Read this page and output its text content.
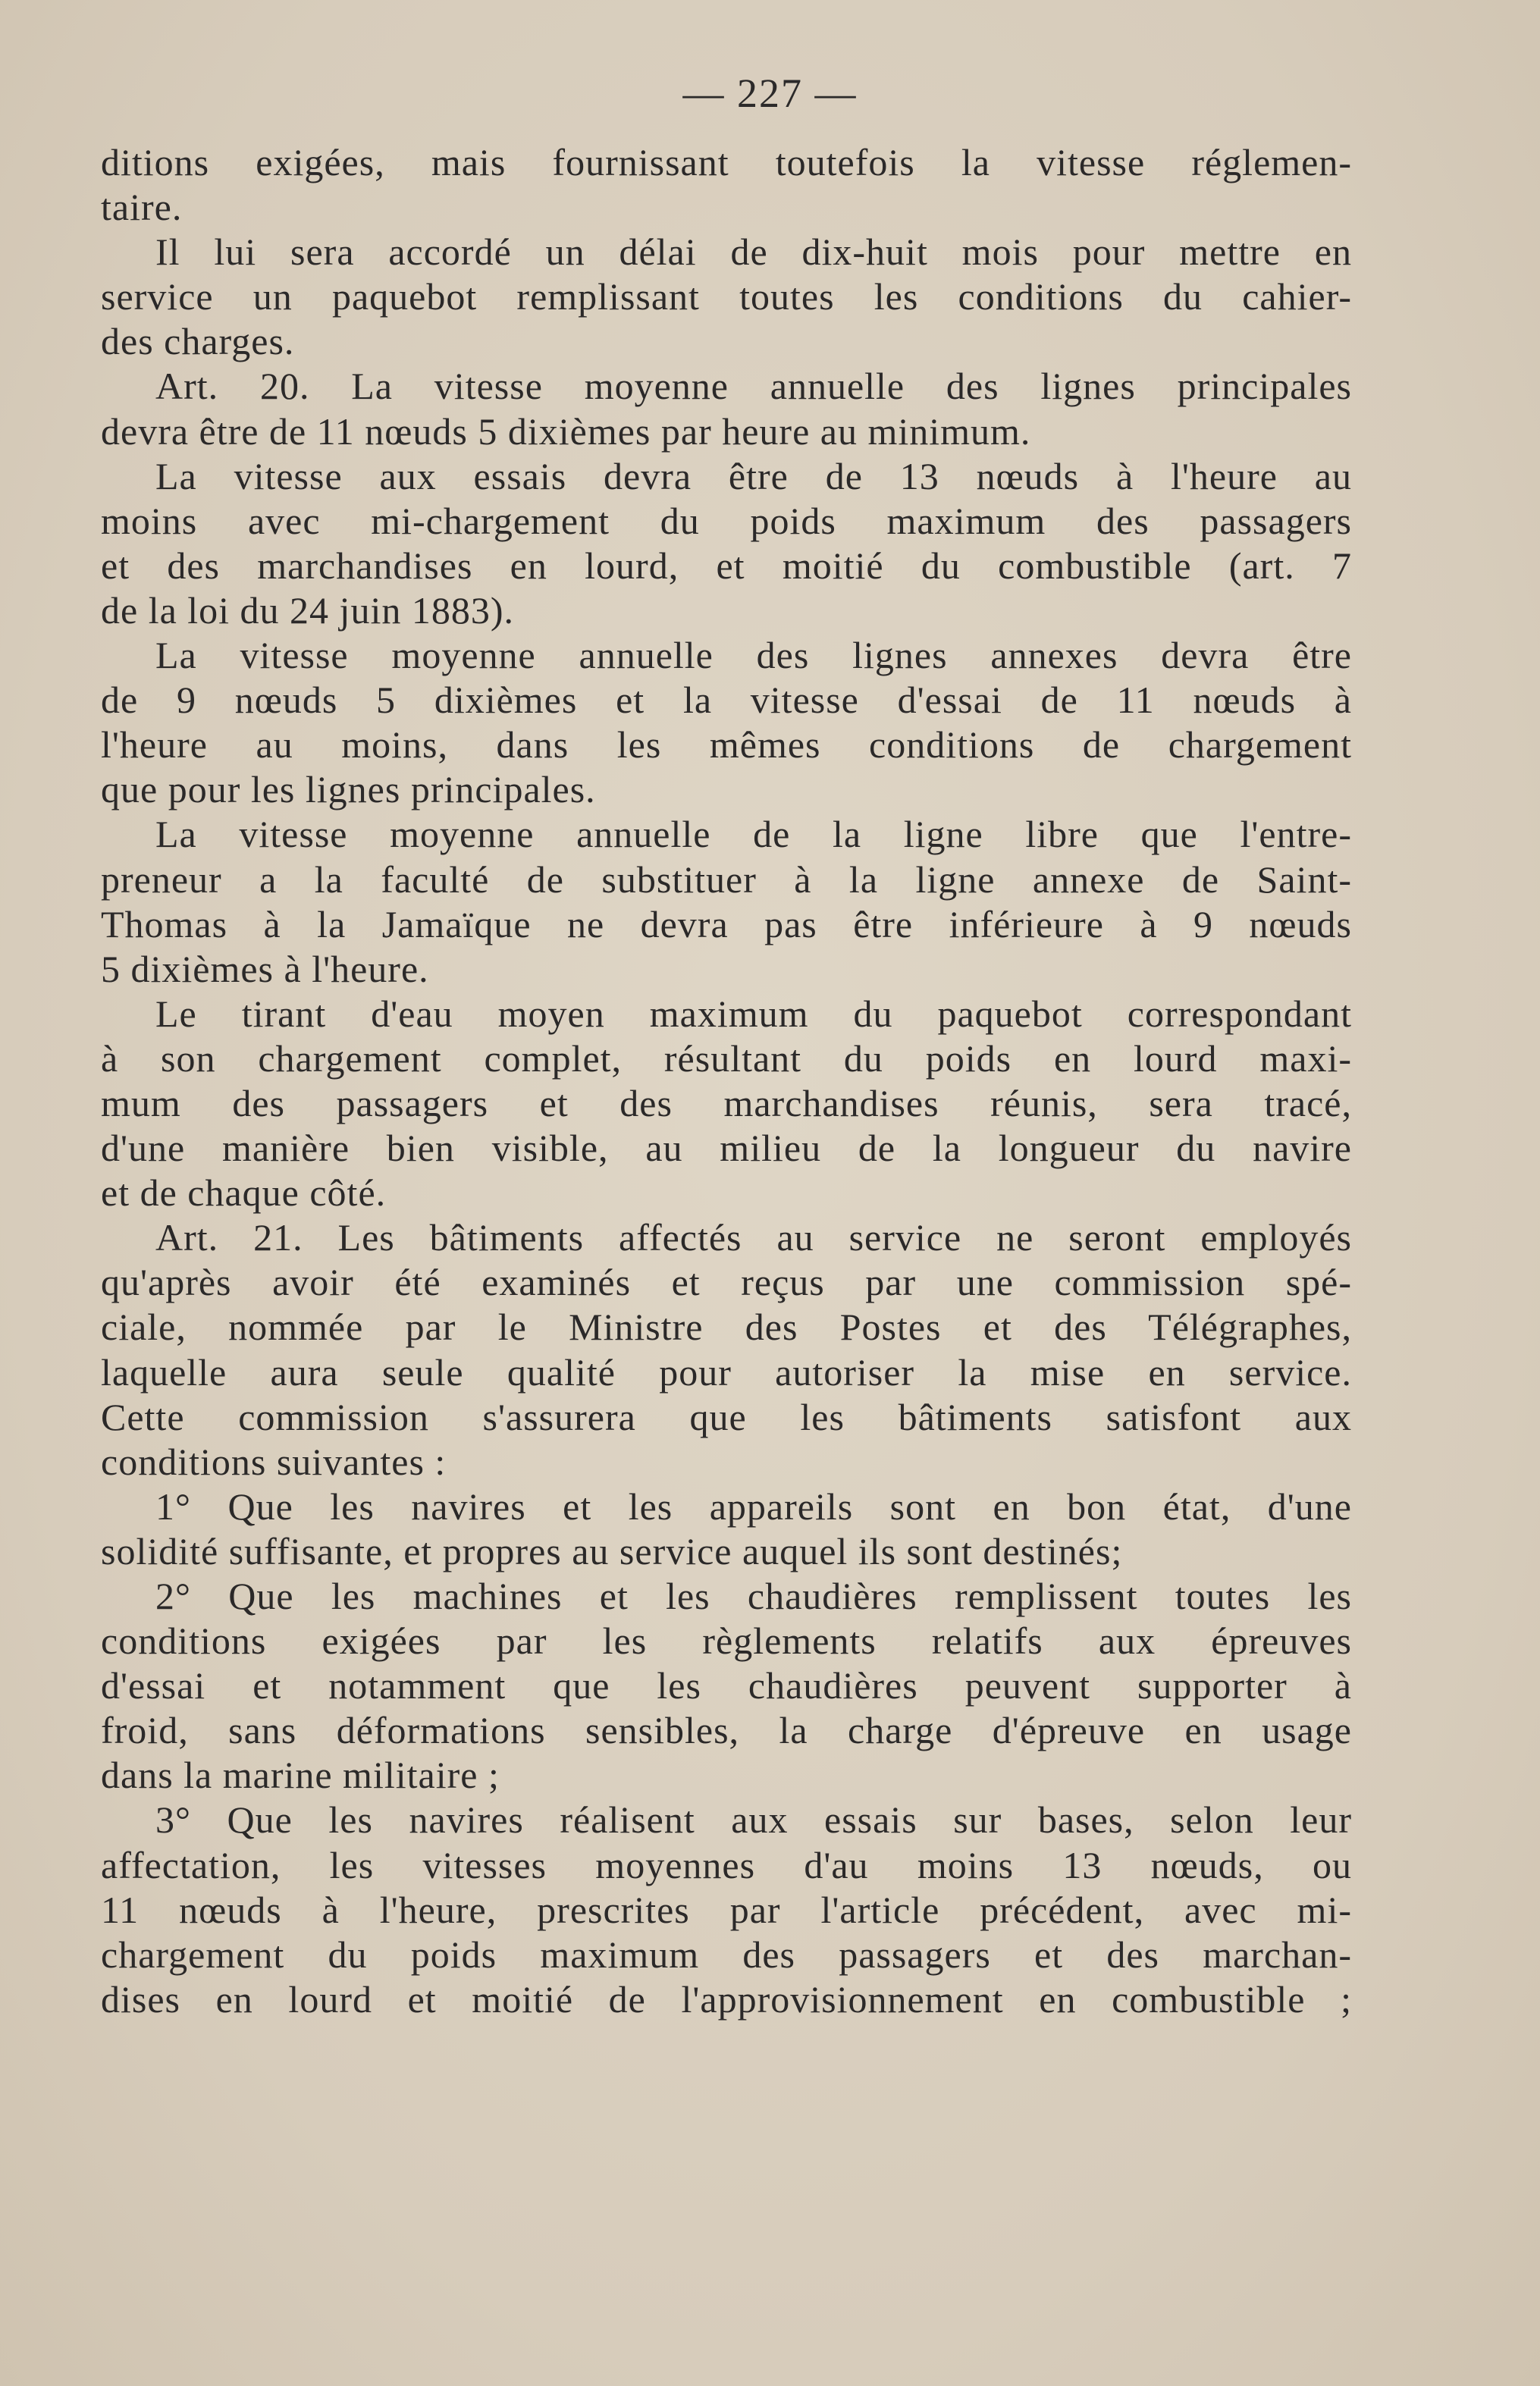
— 227 —
ditions exigées, mais fournissant toutefois la vitesse réglemen-
taire.
Il lui sera accordé un délai de dix-huit mois pour mettre en
service un paquebot remplissant toutes les conditions du cahier-
des charges.
Art. 20. La vitesse moyenne annuelle des lignes principales
devra être de 11 nœuds 5 dixièmes par heure au minimum.
La vitesse aux essais devra être de 13 nœuds à l'heure au
moins avec mi-chargement du poids maximum des passagers
et des marchandises en lourd, et moitié du combustible (art. 7
de la loi du 24 juin 1883).
La vitesse moyenne annuelle des lignes annexes devra être
de 9 nœuds 5 dixièmes et la vitesse d'essai de 11 nœuds à
l'heure au moins, dans les mêmes conditions de chargement
que pour les lignes principales.
La vitesse moyenne annuelle de la ligne libre que l'entre-
preneur a la faculté de substituer à la ligne annexe de Saint-
Thomas à la Jamaïque ne devra pas être inférieure à 9 nœuds
5 dixièmes à l'heure.
Le tirant d'eau moyen maximum du paquebot correspondant
à son chargement complet, résultant du poids en lourd maxi-
mum des passagers et des marchandises réunis, sera tracé,
d'une manière bien visible, au milieu de la longueur du navire
et de chaque côté.
Art. 21. Les bâtiments affectés au service ne seront employés
qu'après avoir été examinés et reçus par une commission spé-
ciale, nommée par le Ministre des Postes et des Télégraphes,
laquelle aura seule qualité pour autoriser la mise en service.
Cette commission s'assurera que les bâtiments satisfont aux
conditions suivantes :
1° Que les navires et les appareils sont en bon état, d'une
solidité suffisante, et propres au service auquel ils sont destinés;
2° Que les machines et les chaudières remplissent toutes les
conditions exigées par les règlements relatifs aux épreuves
d'essai et notamment que les chaudières peuvent supporter à
froid, sans déformations sensibles, la charge d'épreuve en usage
dans la marine militaire ;
3° Que les navires réalisent aux essais sur bases, selon leur
affectation, les vitesses moyennes d'au moins 13 nœuds, ou
11 nœuds à l'heure, prescrites par l'article précédent, avec mi-
chargement du poids maximum des passagers et des marchan-
dises en lourd et moitié de l'approvisionnement en combustible ;
